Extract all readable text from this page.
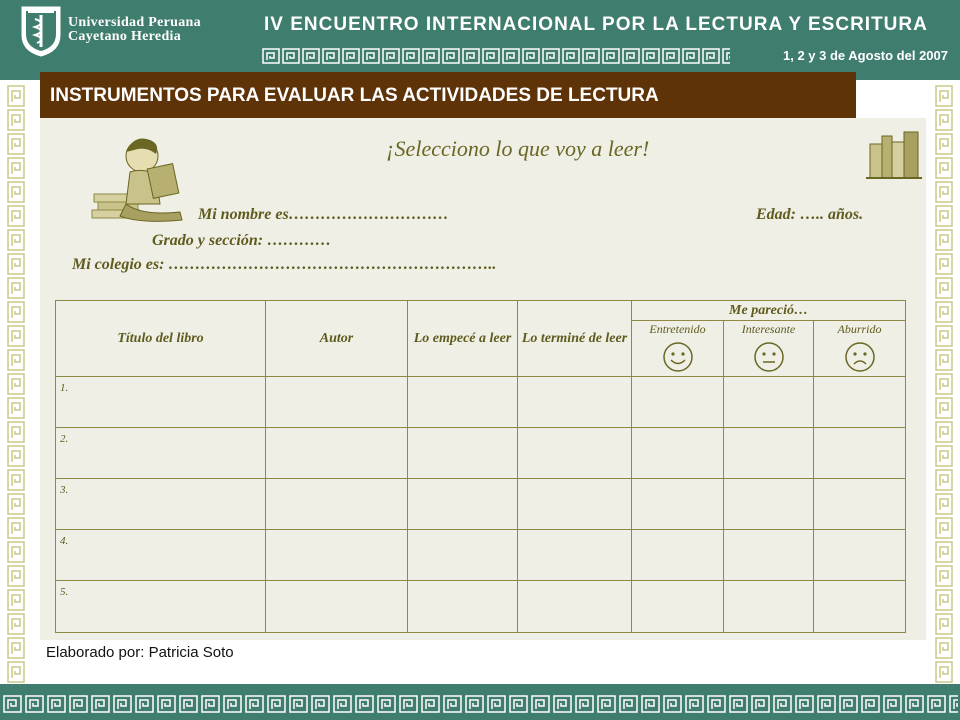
Universidad Peruana
Cayetano Heredia
IV ENCUENTRO INTERNACIONAL POR LA LECTURA Y ESCRITURA
1, 2 y 3 de Agosto del 2007
INSTRUMENTOS PARA EVALUAR LAS ACTIVIDADES DE LECTURA
¡Selecciono lo que voy a leer!
Mi nombre es…………………………	Edad: ….. años.
Grado y sección: …………
Mi colegio es: ……………………………………………………..
Título del libro	Autor	Lo empecé a leer	Lo terminé de leer	Me pareció…		

				Entretenido	Interesante	Aburrido

1.						

2.						

3.						

4.						

5.						

Elaborado por: Patricia Soto
